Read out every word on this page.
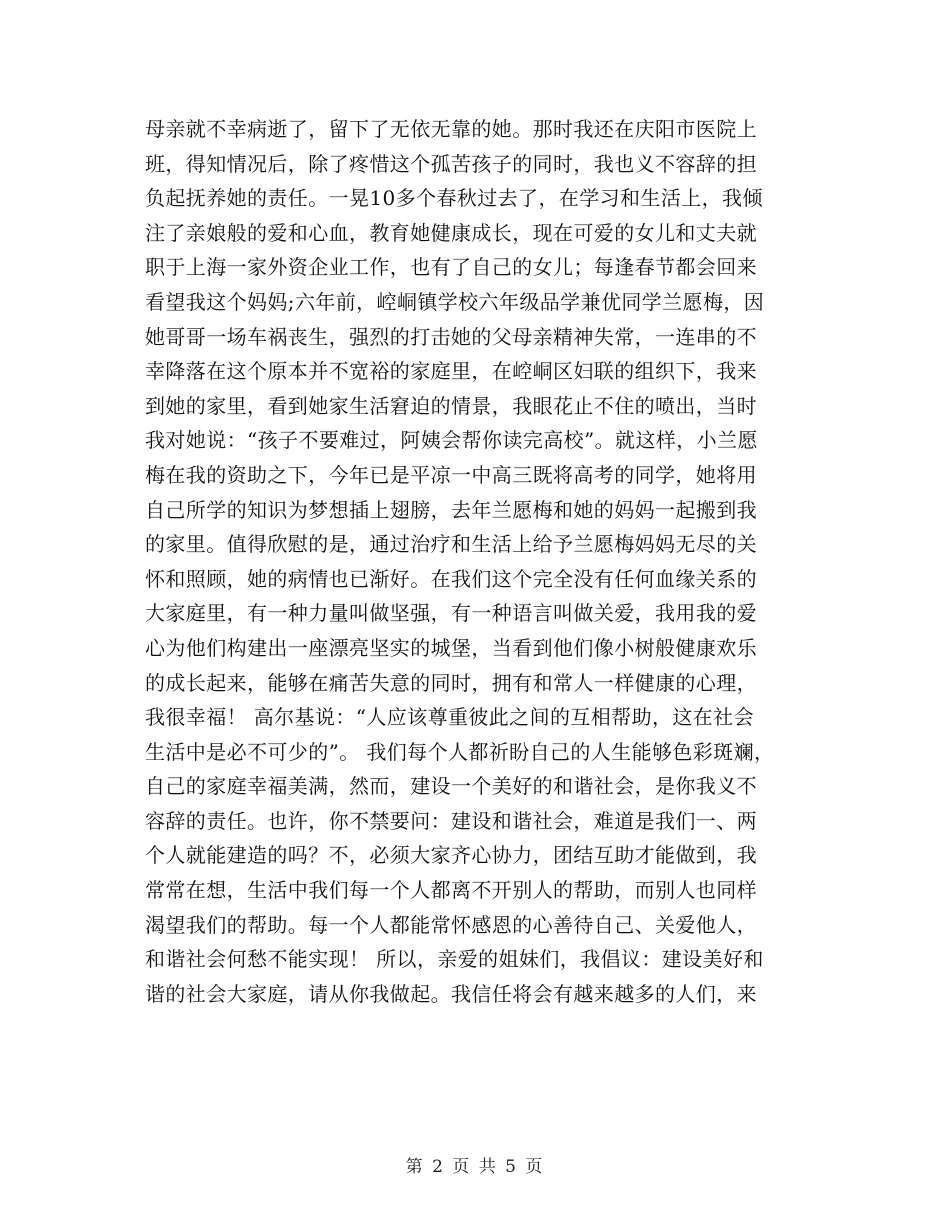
母亲就不幸病逝了，留下了无依无靠的她。那时我还在庆阳市医院上
班，得知情况后，除了疼惜这个孤苦孩子的同时，我也义不容辞的担
负起抚养她的责任。一晃10多个春秋过去了，在学习和生活上，我倾
注了亲娘般的爱和心血，教育她健康成长，现在可爱的女儿和丈夫就
职于上海一家外资企业工作，也有了自己的女儿；每逢春节都会回来
看望我这个妈妈;六年前，崆峒镇学校六年级品学兼优同学兰愿梅，因
她哥哥一场车祸丧生，强烈的打击她的父母亲精神失常，一连串的不
幸降落在这个原本并不宽裕的家庭里，在崆峒区妇联的组织下，我来
到她的家里，看到她家生活窘迫的情景，我眼花止不住的喷出，当时
我对她说：“孩子不要难过，阿姨会帮你读完高校”。就这样，小兰愿
梅在我的资助之下，今年已是平凉一中高三既将高考的同学，她将用
自己所学的知识为梦想插上翅膀，去年兰愿梅和她的妈妈一起搬到我
的家里。值得欣慰的是，通过治疗和生活上给予兰愿梅妈妈无尽的关
怀和照顾，她的病情也已渐好。在我们这个完全没有任何血缘关系的
大家庭里，有一种力量叫做坚强，有一种语言叫做关爱，我用我的爱
心为他们构建出一座漂亮坚实的城堡，当看到他们像小树般健康欢乐
的成长起来，能够在痛苦失意的同时，拥有和常人一样健康的心理，
我很幸福！ 高尔基说：“人应该尊重彼此之间的互相帮助，这在社会
生活中是必不可少的”。 我们每个人都祈盼自己的人生能够色彩斑斓，
自己的家庭幸福美满，然而，建设一个美好的和谐社会，是你我义不
容辞的责任。也许，你不禁要问：建设和谐社会，难道是我们一、两
个人就能建造的吗？不，必须大家齐心协力，团结互助才能做到，我
常常在想，生活中我们每一个人都离不开别人的帮助，而别人也同样
渴望我们的帮助。每一个人都能常怀感恩的心善待自己、关爱他人，
和谐社会何愁不能实现！ 所以，亲爱的姐妹们，我倡议：建设美好和
谐的社会大家庭，请从你我做起。我信任将会有越来越多的人们，来
第 2 页 共 5 页
